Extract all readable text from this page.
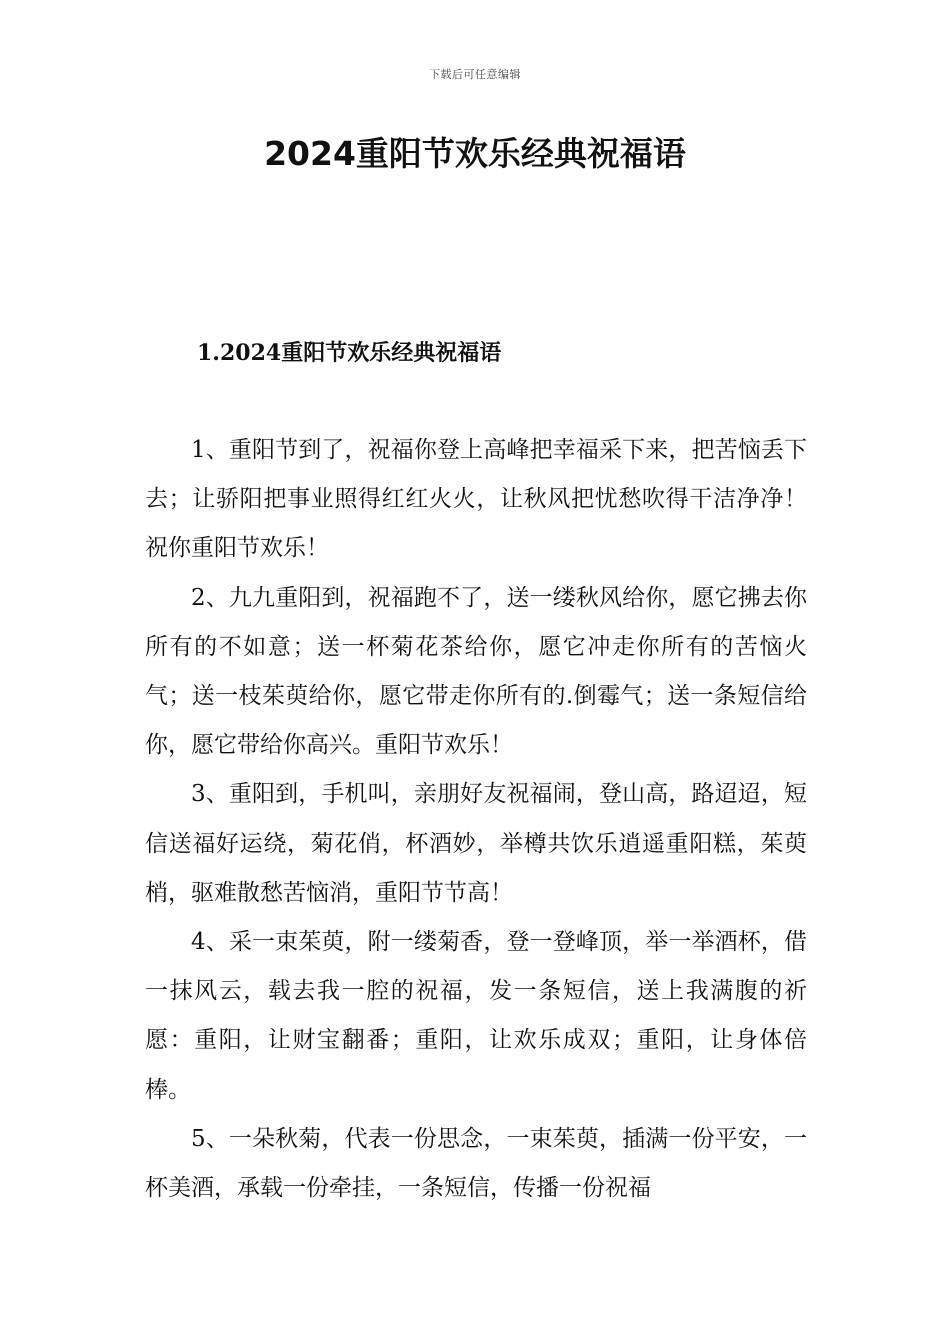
下载后可任意编辑
2024重阳节欢乐经典祝福语
1.2024重阳节欢乐经典祝福语

1、重阳节到了，祝福你登上高峰把幸福采下来，把苦恼丢下去；让骄阳把事业照得红红火火，让秋风把忧愁吹得干洁净净！祝你重阳节欢乐！

2、九九重阳到，祝福跑不了，送一缕秋风给你，愿它拂去你所有的不如意；送一杯菊花茶给你，愿它冲走你所有的苦恼火气；送一枝茱萸给你，愿它带走你所有的.倒霉气；送一条短信给你，愿它带给你高兴。重阳节欢乐！

3、重阳到，手机叫，亲朋好友祝福闹，登山高，路迢迢，短信送福好运绕，菊花俏，杯酒妙，举樽共饮乐逍遥重阳糕，茱萸梢，驱难散愁苦恼消，重阳节节高！

4、采一束茱萸，附一缕菊香，登一登峰顶，举一举酒杯，借一抹风云，载去我一腔的祝福，发一条短信，送上我满腹的祈愿：重阳，让财宝翻番；重阳，让欢乐成双；重阳，让身体倍棒。

5、一朵秋菊，代表一份思念，一束茱萸，插满一份平安，一杯美酒，承载一份牵挂，一条短信，传播一份祝福
